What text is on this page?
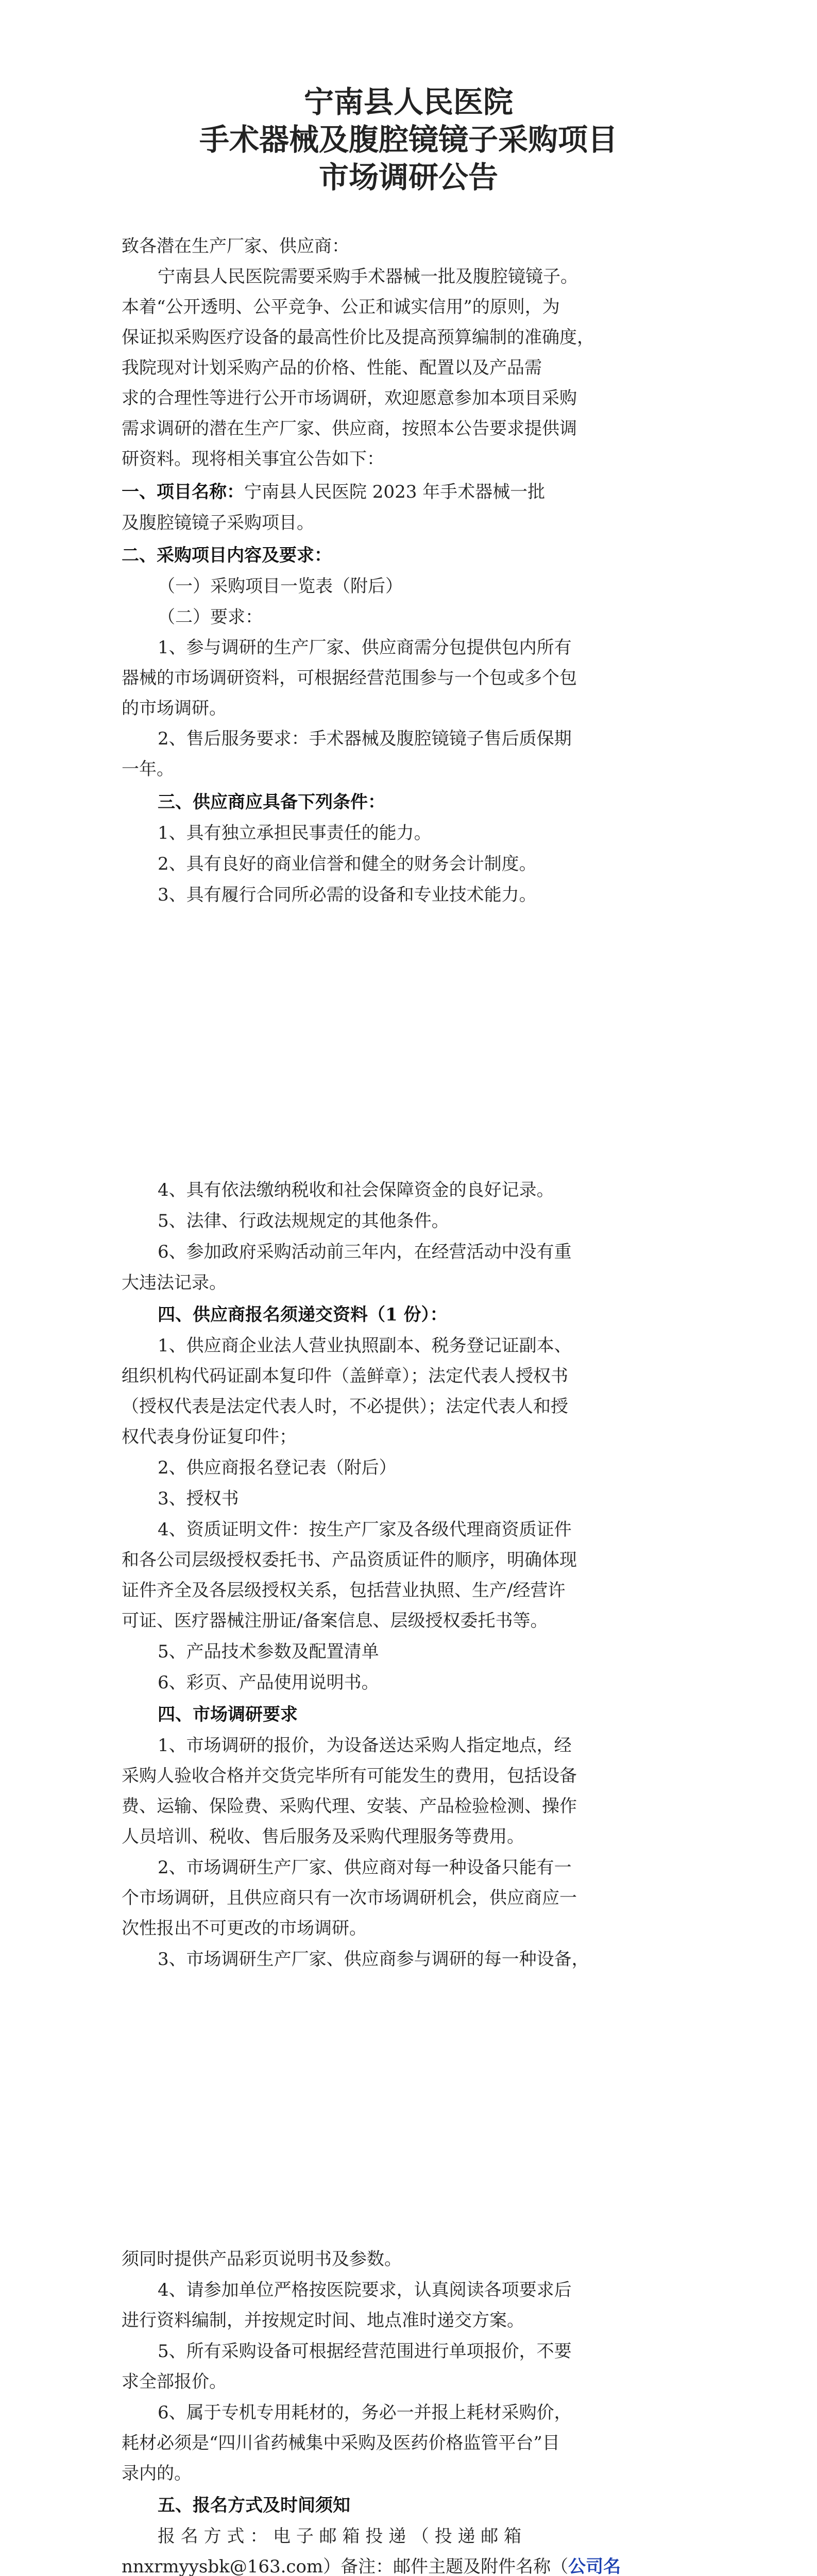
宁南县人民医院
手术器械及腹腔镜镜子采购项目
市场调研公告
致各潜在生产厂家、供应商：
宁南县人民医院需要采购手术器械一批及腹腔镜镜子。
本着“公开透明、公平竞争、公正和诚实信用”的原则，为
保证拟采购医疗设备的最高性价比及提高预算编制的准确度，
我院现对计划采购产品的价格、性能、配置以及产品需
求的合理性等进行公开市场调研，欢迎愿意参加本项目采购
需求调研的潜在生产厂家、供应商，按照本公告要求提供调
研资料。现将相关事宜公告如下：
一、项目名称：宁南县人民医院 2023 年手术器械一批
及腹腔镜镜子采购项目。
二、采购项目内容及要求：
（一）采购项目一览表（附后）
（二）要求：
1、参与调研的生产厂家、供应商需分包提供包内所有
器械的市场调研资料，可根据经营范围参与一个包或多个包
的市场调研。
2、售后服务要求：手术器械及腹腔镜镜子售后质保期
一年。
三、供应商应具备下列条件：
1、具有独立承担民事责任的能力。
2、具有良好的商业信誉和健全的财务会计制度。
3、具有履行合同所必需的设备和专业技术能力。
4、具有依法缴纳税收和社会保障资金的良好记录。
5、法律、行政法规规定的其他条件。
6、参加政府采购活动前三年内，在经营活动中没有重
大违法记录。
四、供应商报名须递交资料（1 份）：
1、供应商企业法人营业执照副本、税务登记证副本、
组织机构代码证副本复印件（盖鲜章）；法定代表人授权书
（授权代表是法定代表人时，不必提供）；法定代表人和授
权代表身份证复印件；
2、供应商报名登记表（附后）
3、授权书
4、资质证明文件：按生产厂家及各级代理商资质证件
和各公司层级授权委托书、产品资质证件的顺序，明确体现
证件齐全及各层级授权关系，包括营业执照、生产/经营许
可证、医疗器械注册证/备案信息、层级授权委托书等。
5、产品技术参数及配置清单
6、彩页、产品使用说明书。
四、市场调研要求
1、市场调研的报价，为设备送达采购人指定地点，经
采购人验收合格并交货完毕所有可能发生的费用，包括设备
费、运输、保险费、采购代理、安装、产品检验检测、操作
人员培训、税收、售后服务及采购代理服务等费用。
2、市场调研生产厂家、供应商对每一种设备只能有一
个市场调研，且供应商只有一次市场调研机会，供应商应一
次性报出不可更改的市场调研。
3、市场调研生产厂家、供应商参与调研的每一种设备，
须同时提供产品彩页说明书及参数。
4、请参加单位严格按医院要求，认真阅读各项要求后
进行资料编制，并按规定时间、地点准时递交方案。
5、所有采购设备可根据经营范围进行单项报价，不要
求全部报价。
6、属于专机专用耗材的，务必一并报上耗材采购价，
耗材必须是“四川省药械集中采购及医药价格监管平台”目
录内的。
五、报名方式及时间须知
报 名 方 式 ： 电 子 邮 箱 投 递 （ 投 递 邮 箱
nnxrmyysbk@163.com）备注：邮件主题及附件名称（公司名
